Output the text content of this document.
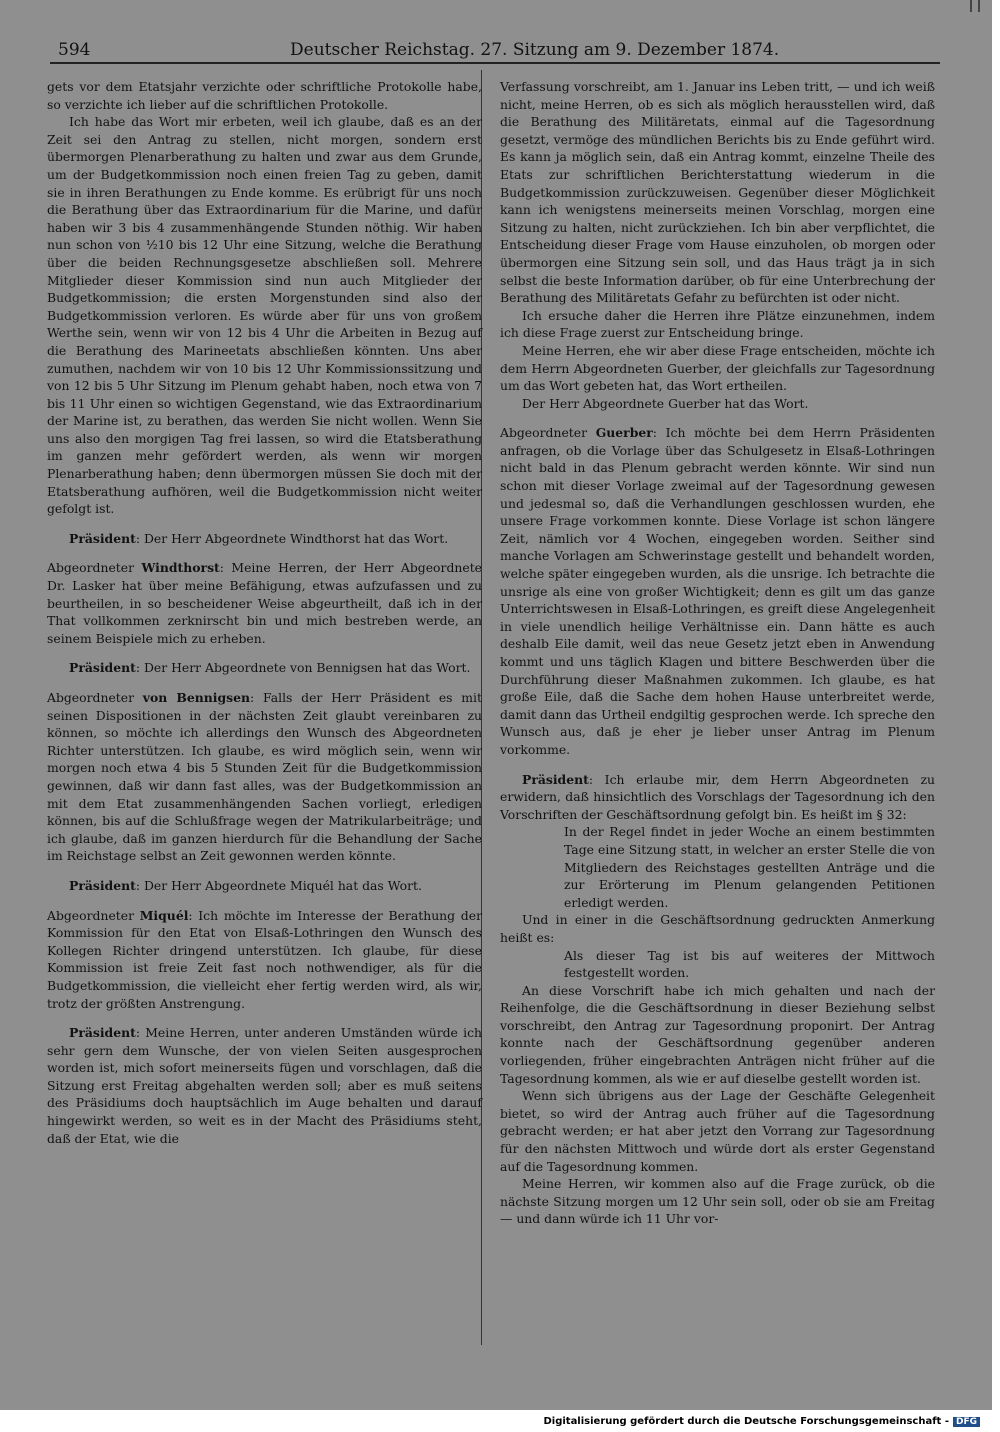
594	Deutscher Reichstag. 27. Sitzung am 9. Dezember 1874.

gets vor dem Etatsjahr verzichte oder schriftliche Protokolle habe, so verzichte ich lieber auf die schriftlichen Protokolle.

Ich habe das Wort mir erbeten, weil ich glaube, daß es an der Zeit sei den Antrag zu stellen, nicht morgen, sondern erst übermorgen Plenarberathung zu halten und zwar aus dem Grunde, um der Budgetkommission noch einen freien Tag zu geben, damit sie in ihren Berathungen zu Ende komme. Es erübrigt für uns noch die Berathung über das Extraordinarium für die Marine, und dafür haben wir 3 bis 4 zusammenhängende Stunden nöthig. Wir haben nun schon von ½10 bis 12 Uhr eine Sitzung, welche die Berathung über die beiden Rechnungsgesetze abschließen soll. Mehrere Mitglieder dieser Kommission sind nun auch Mitglieder der Budgetkommission; die ersten Morgenstunden sind also der Budgetkommission verloren. Es würde aber für uns von großem Werthe sein, wenn wir von 12 bis 4 Uhr die Arbeiten in Bezug auf die Berathung des Marineetats abschließen könnten. Uns aber zumuthen, nachdem wir von 10 bis 12 Uhr Kommissionssitzung und von 12 bis 5 Uhr Sitzung im Plenum gehabt haben, noch etwa von 7 bis 11 Uhr einen so wichtigen Gegenstand, wie das Extraordinarium der Marine ist, zu berathen, das werden Sie nicht wollen. Wenn Sie uns also den morgigen Tag frei lassen, so wird die Etatsberathung im ganzen mehr gefördert werden, als wenn wir morgen Plenarberathung haben; denn übermorgen müssen Sie doch mit der Etatsberathung aufhören, weil die Budgetkommission nicht weiter gefolgt ist.

Präsident: Der Herr Abgeordnete Windthorst hat das Wort.

Abgeordneter Windthorst: Meine Herren, der Herr Abgeordnete Dr. Lasker hat über meine Befähigung, etwas aufzufassen und zu beurtheilen, in so bescheidener Weise abgeurtheilt, daß ich in der That vollkommen zerknirscht bin und mich bestreben werde, an seinem Beispiele mich zu erheben.

Präsident: Der Herr Abgeordnete von Bennigsen hat das Wort.

Abgeordneter von Bennigsen: Falls der Herr Präsident es mit seinen Dispositionen in der nächsten Zeit glaubt vereinbaren zu können, so möchte ich allerdings den Wunsch des Abgeordneten Richter unterstützen. Ich glaube, es wird möglich sein, wenn wir morgen noch etwa 4 bis 5 Stunden Zeit für die Budgetkommission gewinnen, daß wir dann fast alles, was der Budgetkommission an mit dem Etat zusammenhängenden Sachen vorliegt, erledigen können, bis auf die Schlußfrage wegen der Matrikularbeiträge; und ich glaube, daß im ganzen hierdurch für die Behandlung der Sache im Reichstage selbst an Zeit gewonnen werden könnte.

Präsident: Der Herr Abgeordnete Miquél hat das Wort.

Abgeordneter Miquél: Ich möchte im Interesse der Berathung der Kommission für den Etat von Elsaß-Lothringen den Wunsch des Kollegen Richter dringend unterstützen. Ich glaube, für diese Kommission ist freie Zeit fast noch nothwendiger, als für die Budgetkommission, die vielleicht eher fertig werden wird, als wir, trotz der größten Anstrengung.

Präsident: Meine Herren, unter anderen Umständen würde ich sehr gern dem Wunsche, der von vielen Seiten ausgesprochen worden ist, mich sofort meinerseits fügen und vorschlagen, daß die Sitzung erst Freitag abgehalten werden soll; aber es muß seitens des Präsidiums doch hauptsächlich im Auge behalten und darauf hingewirkt werden, so weit es in der Macht des Präsidiums steht, daß der Etat, wie die

Verfassung vorschreibt, am 1. Januar ins Leben tritt, — und ich weiß nicht, meine Herren, ob es sich als möglich herausstellen wird, daß die Berathung des Militäretats, einmal auf die Tagesordnung gesetzt, vermöge des mündlichen Berichts bis zu Ende geführt wird. Es kann ja möglich sein, daß ein Antrag kommt, einzelne Theile des Etats zur schriftlichen Berichterstattung wiederum in die Budgetkommission zurückzuweisen. Gegenüber dieser Möglichkeit kann ich wenigstens meinerseits meinen Vorschlag, morgen eine Sitzung zu halten, nicht zurückziehen. Ich bin aber verpflichtet, die Entscheidung dieser Frage vom Hause einzuholen, ob morgen oder übermorgen eine Sitzung sein soll, und das Haus trägt ja in sich selbst die beste Information darüber, ob für eine Unterbrechung der Berathung des Militäretats Gefahr zu befürchten ist oder nicht.

Ich ersuche daher die Herren ihre Plätze einzunehmen, indem ich diese Frage zuerst zur Entscheidung bringe.

Meine Herren, ehe wir aber diese Frage entscheiden, möchte ich dem Herrn Abgeordneten Guerber, der gleichfalls zur Tagesordnung um das Wort gebeten hat, das Wort ertheilen.

Der Herr Abgeordnete Guerber hat das Wort.

Abgeordneter Guerber: Ich möchte bei dem Herrn Präsidenten anfragen, ob die Vorlage über das Schulgesetz in Elsaß-Lothringen nicht bald in das Plenum gebracht werden könnte. Wir sind nun schon mit dieser Vorlage zweimal auf der Tagesordnung gewesen und jedesmal so, daß die Verhandlungen geschlossen wurden, ehe unsere Frage vorkommen konnte. Diese Vorlage ist schon längere Zeit, nämlich vor 4 Wochen, eingegeben worden. Seither sind manche Vorlagen am Schwerinstage gestellt und behandelt worden, welche später eingegeben wurden, als die unsrige. Ich betrachte die unsrige als eine von großer Wichtigkeit; denn es gilt um das ganze Unterrichtswesen in Elsaß-Lothringen, es greift diese Angelegenheit in viele unendlich heilige Verhältnisse ein. Dann hätte es auch deshalb Eile damit, weil das neue Gesetz jetzt eben in Anwendung kommt und uns täglich Klagen und bittere Beschwerden über die Durchführung dieser Maßnahmen zukommen. Ich glaube, es hat große Eile, daß die Sache dem hohen Hause unterbreitet werde, damit dann das Urtheil endgiltig gesprochen werde. Ich spreche den Wunsch aus, daß je eher je lieber unser Antrag im Plenum vorkomme.

Präsident: Ich erlaube mir, dem Herrn Abgeordneten zu erwidern, daß hinsichtlich des Vorschlags der Tagesordnung ich den Vorschriften der Geschäftsordnung gefolgt bin. Es heißt im § 32:

In der Regel findet in jeder Woche an einem bestimmten Tage eine Sitzung statt, in welcher an erster Stelle die von Mitgliedern des Reichstages gestellten Anträge und die zur Erörterung im Plenum gelangenden Petitionen erledigt werden.

Und in einer in die Geschäftsordnung gedruckten Anmerkung heißt es:

Als dieser Tag ist bis auf weiteres der Mittwoch festgestellt worden.

An diese Vorschrift habe ich mich gehalten und nach der Reihenfolge, die die Geschäftsordnung in dieser Beziehung selbst vorschreibt, den Antrag zur Tagesordnung proponirt. Der Antrag konnte nach der Geschäftsordnung gegenüber anderen vorliegenden, früher eingebrachten Anträgen nicht früher auf die Tagesordnung kommen, als wie er auf dieselbe gestellt worden ist.

Wenn sich übrigens aus der Lage der Geschäfte Gelegenheit bietet, so wird der Antrag auch früher auf die Tagesordnung gebracht werden; er hat aber jetzt den Vorrang zur Tagesordnung für den nächsten Mittwoch und würde dort als erster Gegenstand auf die Tagesordnung kommen.

Meine Herren, wir kommen also auf die Frage zurück, ob die nächste Sitzung morgen um 12 Uhr sein soll, oder ob sie am Freitag — und dann würde ich 11 Uhr vor-

Digitalisierung gefördert durch die Deutsche Forschungsgemeinschaft - DFG
